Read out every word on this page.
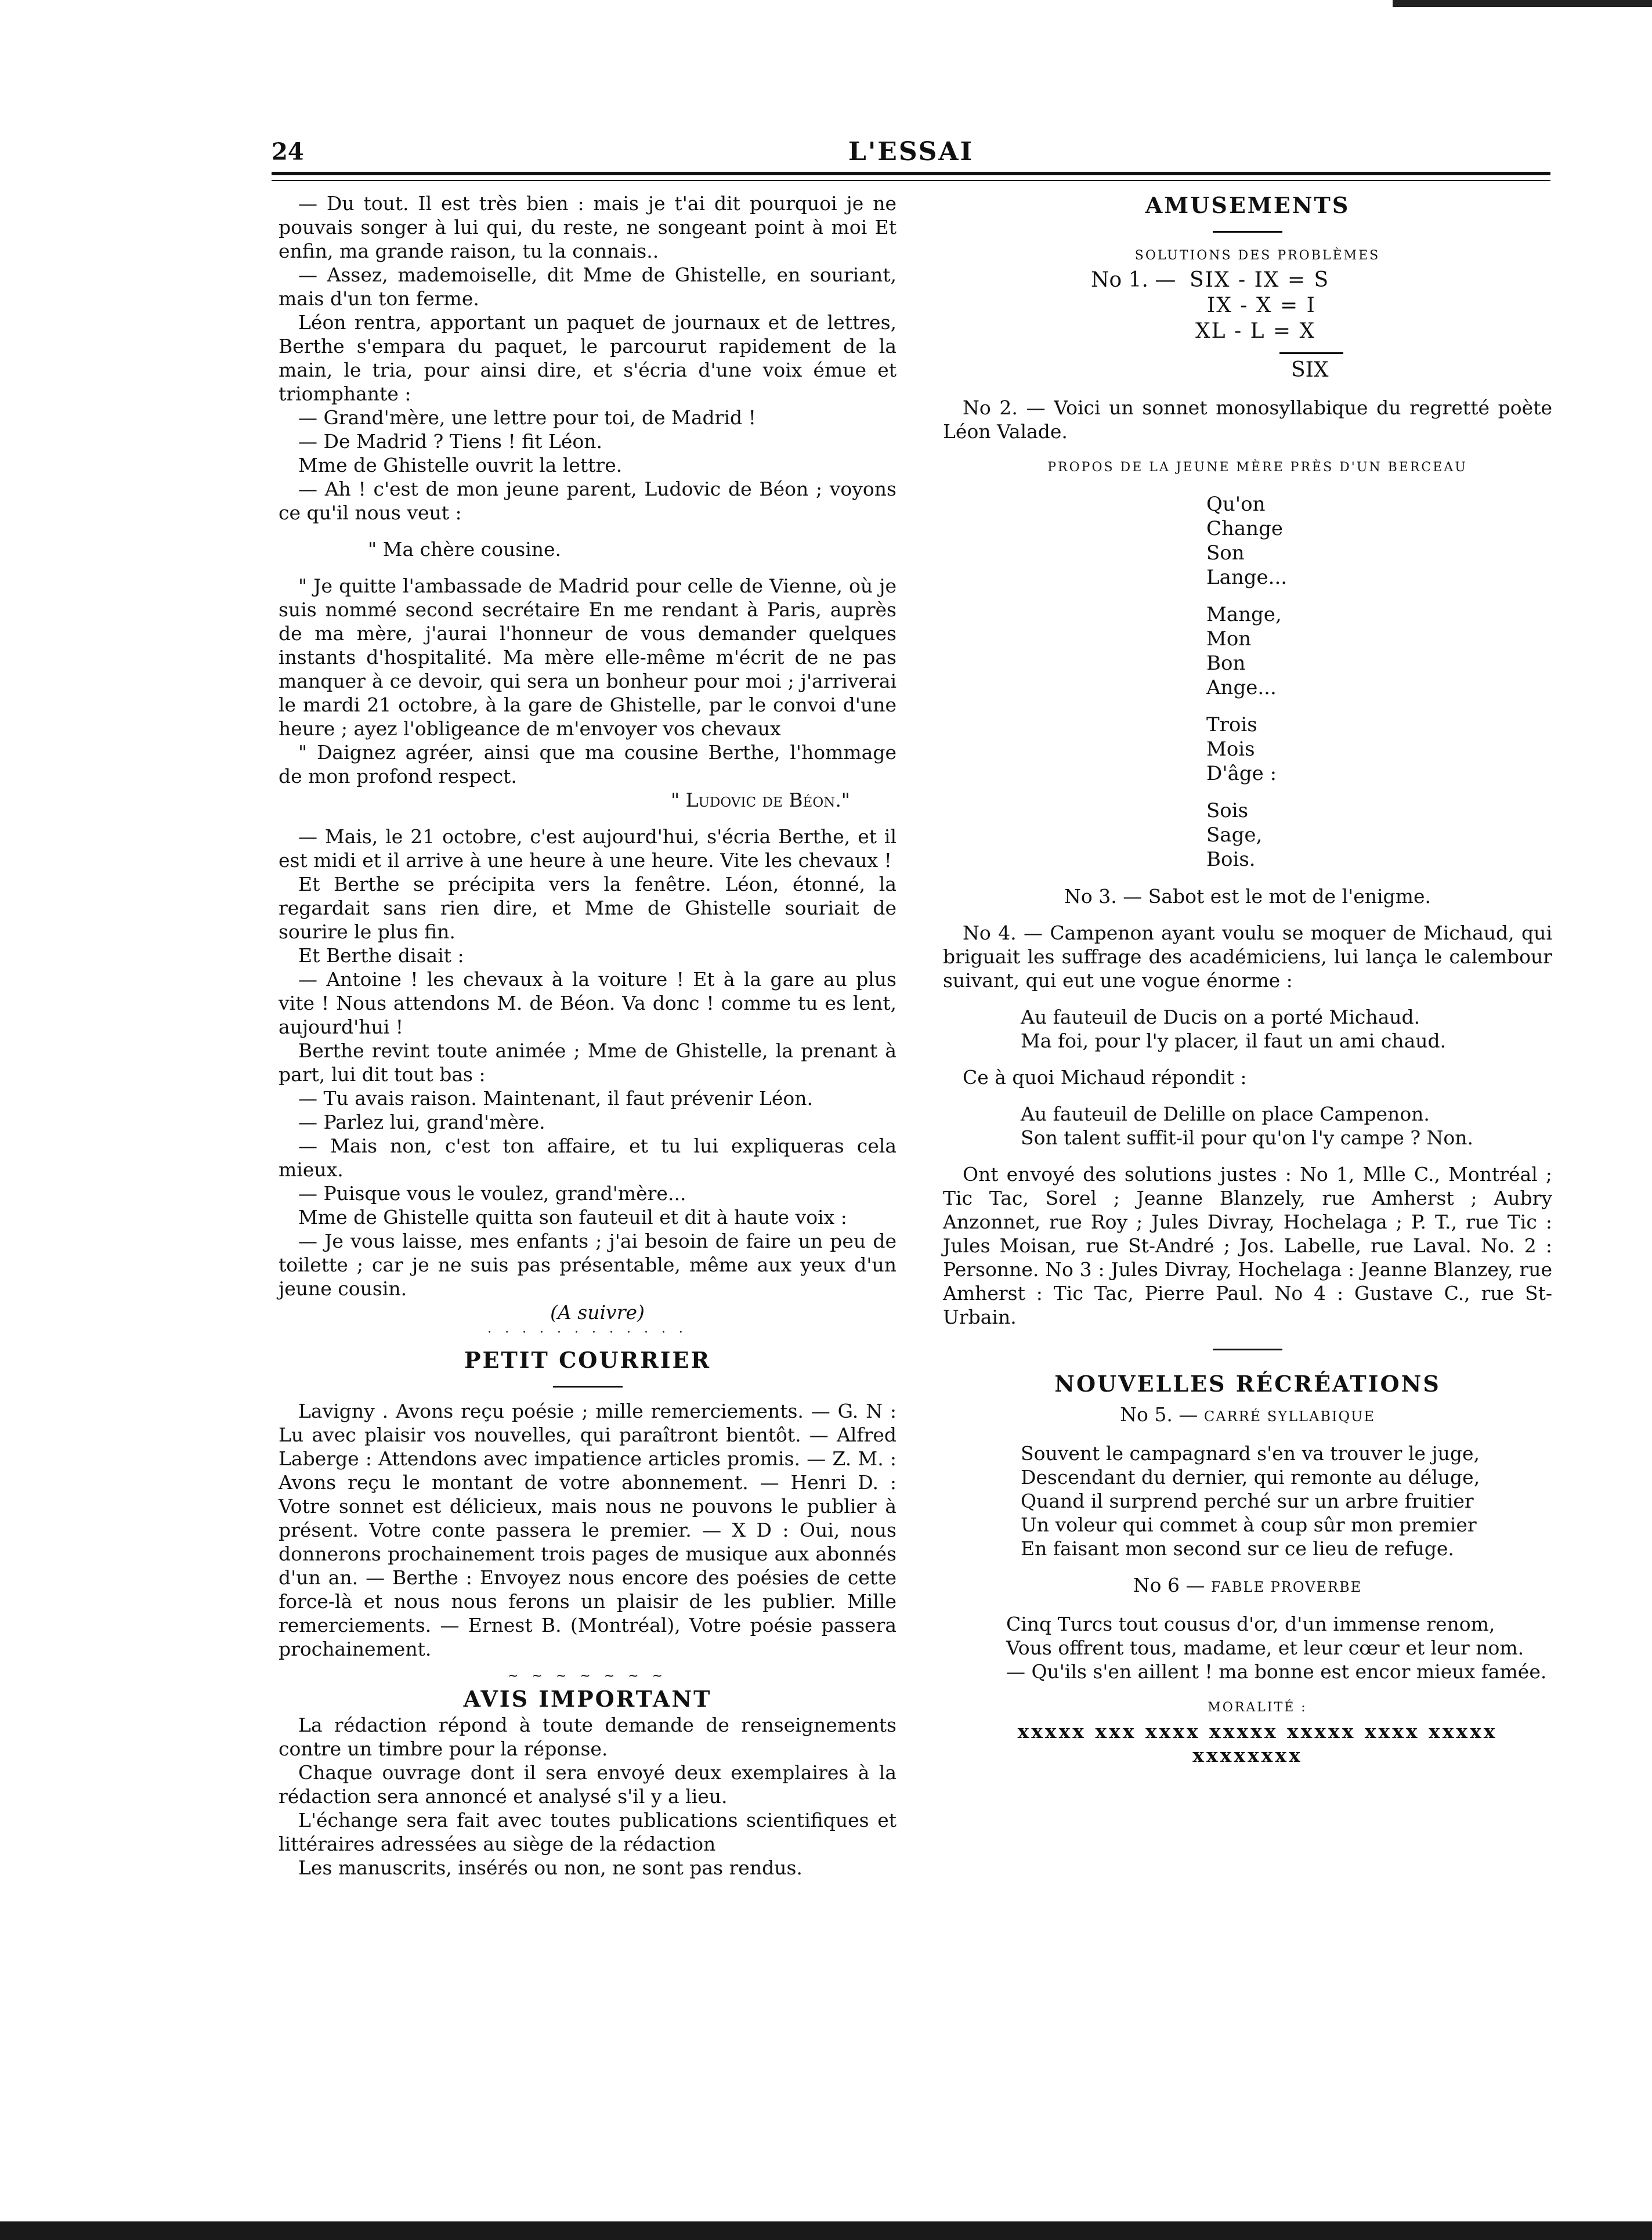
24	L'ESSAI

— Du tout. Il est très bien : mais je t'ai dit pourquoi je ne pouvais songer à lui qui, du reste, ne songeant point à moi Et enfin, ma grande raison, tu la connais..

— Assez, mademoiselle, dit Mme de Ghistelle, en souriant, mais d'un ton ferme.

Léon rentra, apportant un paquet de journaux et de lettres, Berthe s'empara du paquet, le parcourut rapidement de la main, le tria, pour ainsi dire, et s'écria d'une voix émue et triomphante :

— Grand'mère, une lettre pour toi, de Madrid !

— De Madrid ? Tiens ! fit Léon.

Mme de Ghistelle ouvrit la lettre.

— Ah ! c'est de mon jeune parent, Ludovic de Béon ; voyons ce qu'il nous veut :

" Ma chère cousine.

" Je quitte l'ambassade de Madrid pour celle de Vienne, où je suis nommé second secrétaire En me rendant à Paris, auprès de ma mère, j'aurai l'honneur de vous demander quelques instants d'hospitalité. Ma mère elle-même m'écrit de ne pas manquer à ce devoir, qui sera un bonheur pour moi ; j'arriverai le mardi 21 octobre, à la gare de Ghistelle, par le convoi d'une heure ; ayez l'obligeance de m'envoyer vos chevaux

" Daignez agréer, ainsi que ma cousine Berthe, l'hommage de mon profond respect.

" Ludovic de Béon."

— Mais, le 21 octobre, c'est aujourd'hui, s'écria Berthe, et il est midi et il arrive à une heure à une heure. Vite les chevaux !

Et Berthe se précipita vers la fenêtre. Léon, étonné, la regardait sans rien dire, et Mme de Ghistelle souriait de sourire le plus fin.

Et Berthe disait :

— Antoine ! les chevaux à la voiture ! Et à la gare au plus vite ! Nous attendons M. de Béon. Va donc ! comme tu es lent, aujourd'hui !

Berthe revint toute animée ; Mme de Ghistelle, la prenant à part, lui dit tout bas :

— Tu avais raison. Maintenant, il faut prévenir Léon.

— Parlez lui, grand'mère.

— Mais non, c'est ton affaire, et tu lui expliqueras cela mieux.

— Puisque vous le voulez, grand'mère...

Mme de Ghistelle quitta son fauteuil et dit à haute voix :

— Je vous laisse, mes enfants ; j'ai besoin de faire un peu de toilette ; car je ne suis pas présentable, même aux yeux d'un jeune cousin.

(A suivre)

· · · · · · · · · · · ·
PETIT COURRIER

Lavigny . Avons reçu poésie ; mille remerciements. — G. N : Lu avec plaisir vos nouvelles, qui paraîtront bientôt. — Alfred Laberge : Attendons avec impatience articles promis. — Z. M. : Avons reçu le montant de votre abonnement. — Henri D. : Votre sonnet est délicieux, mais nous ne pouvons le publier à présent. Votre conte passera le premier. — X D : Oui, nous donnerons prochainement trois pages de musique aux abonnés d'un an. — Berthe : Envoyez nous encore des poésies de cette force-là et nous nous ferons un plaisir de les publier. Mille remerciements. — Ernest B. (Montréal), Votre poésie passera prochainement.

~ ~ ~ ~ ~ ~ ~
AVIS IMPORTANT

La rédaction répond à toute demande de renseignements contre un timbre pour la réponse.

Chaque ouvrage dont il sera envoyé deux exemplaires à la rédaction sera annoncé et analysé s'il y a lieu.

L'échange sera fait avec toutes publications scientifiques et littéraires adressées au siège de la rédaction

Les manuscrits, insérés ou non, ne sont pas rendus.

AMUSEMENTS

SOLUTIONS DES PROBLÈMES

No 1. — SIX - IX = S
IX - X = I
XL - L = X
SIX

No 2. — Voici un sonnet monosyllabique du regretté poète Léon Valade.

PROPOS DE LA JEUNE MÈRE PRÈS D'UN BERCEAU

Qu'on

Change

Son

Lange...

Mange,

Mon

Bon

Ange...

Trois

Mois

D'âge :

Sois

Sage,

Bois.

No 3. — Sabot est le mot de l'enigme.

No 4. — Campenon ayant voulu se moquer de Michaud, qui briguait les suffrage des académiciens, lui lança le calembour suivant, qui eut une vogue énorme :

Au fauteuil de Ducis on a porté Michaud.

Ma foi, pour l'y placer, il faut un ami chaud.

Ce à quoi Michaud répondit :

Au fauteuil de Delille on place Campenon.

Son talent suffit-il pour qu'on l'y campe ? Non.

Ont envoyé des solutions justes : No 1, Mlle C., Montréal ; Tic Tac, Sorel ; Jeanne Blanzely, rue Amherst ; Aubry Anzonnet, rue Roy ; Jules Divray, Hochelaga ; P. T., rue Tic : Jules Moisan, rue St-André ; Jos. Labelle, rue Laval. No. 2 : Personne. No 3 : Jules Divray, Hochelaga : Jeanne Blanzey, rue Amherst : Tic Tac, Pierre Paul. No 4 : Gustave C., rue St-Urbain.

NOUVELLES RÉCRÉATIONS

No 5. — CARRÉ SYLLABIQUE

Souvent le campagnard s'en va trouver le juge,

Descendant du dernier, qui remonte au déluge,

Quand il surprend perché sur un arbre fruitier

Un voleur qui commet à coup sûr mon premier

En faisant mon second sur ce lieu de refuge.

No 6 — FABLE PROVERBE

Cinq Turcs tout cousus d'or, d'un immense renom,

Vous offrent tous, madame, et leur cœur et leur nom.

— Qu'ils s'en aillent ! ma bonne est encor mieux famée.

MORALITÉ :

xxxxx xxx xxxx xxxxx xxxxx xxxx xxxxx xxxxxxxx
